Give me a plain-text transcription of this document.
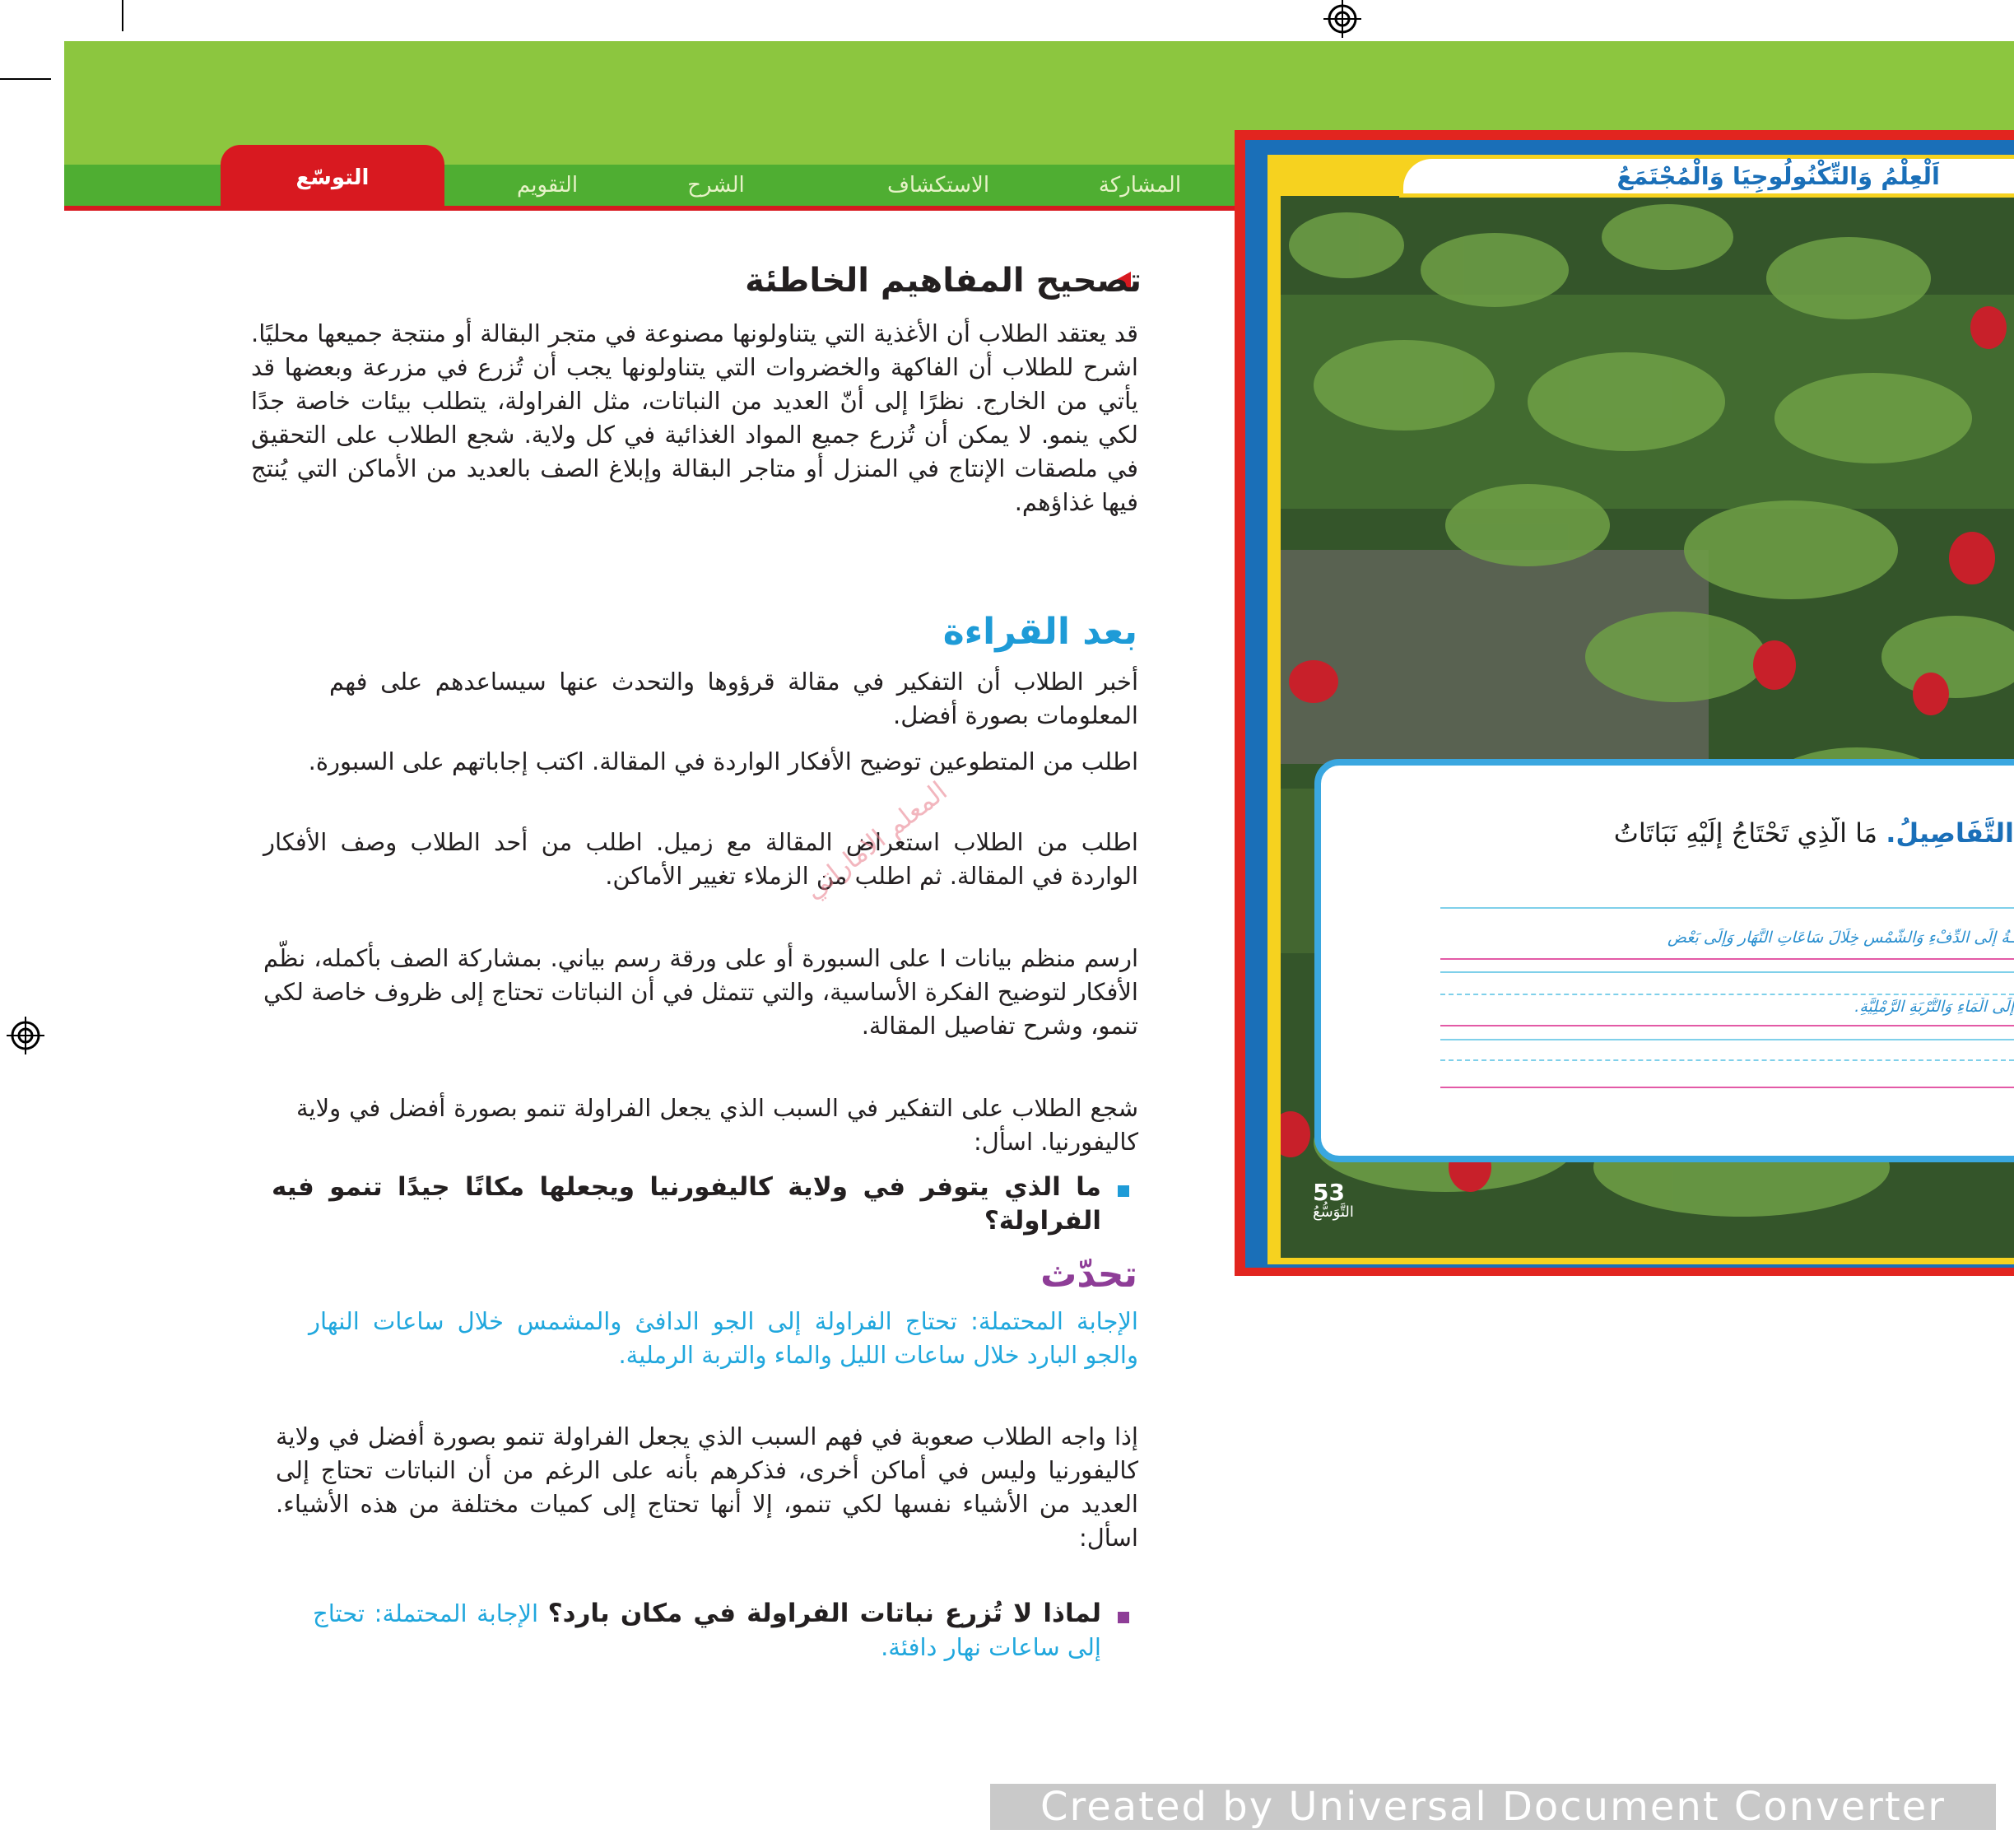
المشاركة
الاستكشاف
الشرح
التقويم
التوسّع
تصحيح المفاهيم الخاطئة
قد يعتقد الطلاب أن الأغذية التي يتناولونها مصنوعة في متجر البقالة أو منتجة جميعها محليًا. اشرح للطلاب أن الفاكهة والخضروات التي يتناولونها يجب أن تُزرع في مزرعة وبعضها قد يأتي من الخارج. نظرًا إلى أنّ العديد من النباتات، مثل الفراولة، يتطلب بيئات خاصة جدًا لكي ينمو. لا يمكن أن تُزرع جميع المواد الغذائية في كل ولاية. شجع الطلاب على التحقيق في ملصقات الإنتاج في المنزل أو متاجر البقالة وإبلاغ الصف بالعديد من الأماكن التي يُنتج فيها غذاؤهم.
بعد القراءة
أخبر الطلاب أن التفكير في مقالة قرؤوها والتحدث عنها سيساعدهم على فهم المعلومات بصورة أفضل.
اطلب من المتطوعين توضيح الأفكار الواردة في المقالة. اكتب إجاباتهم على السبورة.
اطلب من الطلاب استعراض المقالة مع زميل. اطلب من أحد الطلاب وصف الأفكار الواردة في المقالة. ثم اطلب من الزملاء تغيير الأماكن.
ارسم منظم بيانات I على السبورة أو على ورقة رسم بياني. بمشاركة الصف بأكمله، نظّم الأفكار لتوضيح الفكرة الأساسية، والتي تتمثل في أن النباتات تحتاج إلى ظروف خاصة لكي تنمو، وشرح تفاصيل المقالة.
شجع الطلاب على التفكير في السبب الذي يجعل الفراولة تنمو بصورة أفضل في ولاية كاليفورنيا. اسأل:
ما الذي يتوفر في ولاية كاليفورنيا ويجعلها مكانًا جيدًا تنمو فيه الفراولة؟
تحدّث
الإجابة المحتملة: تحتاج الفراولة إلى الجو الدافئ والمشمس خلال ساعات النهار والجو البارد خلال ساعات الليل والماء والتربة الرملية.
إذا واجه الطلاب صعوبة في فهم السبب الذي يجعل الفراولة تنمو بصورة أفضل في ولاية كاليفورنيا وليس في أماكن أخرى، فذكرهم بأنه على الرغم من أن النباتات تحتاج إلى العديد من الأشياء نفسها لكي تنمو، إلا أنها تحتاج إلى كميات مختلفة من هذه الأشياء. اسأل:
لماذا لا تُزرع نباتات الفراولة في مكان بارد؟ الإجابة المحتملة: تحتاج إلى ساعات نهار دافئة.
اَلْعِلْمُ وَالتِّكْنُولُوجِيَا وَالْمُجْتَمَعُ
التَّفَاصِيلُ. مَا الَّذِي تَحْتَاجُ إِلَيْهِ نَبَاتَاتُ
ـةُ إِلَى الدِّفْءِ وَالشَّمْسِ خِلَالَ سَاعَاتِ النَّهَارِ وَإِلَى بَعْضِ
إِلَى الْمَاءِ وَالتُّرْبَةِ الرَّمْلِيَّةِ.
53
التَّوَسُّعُ
المعلم الاماراتي
Created by Universal Document Converter
